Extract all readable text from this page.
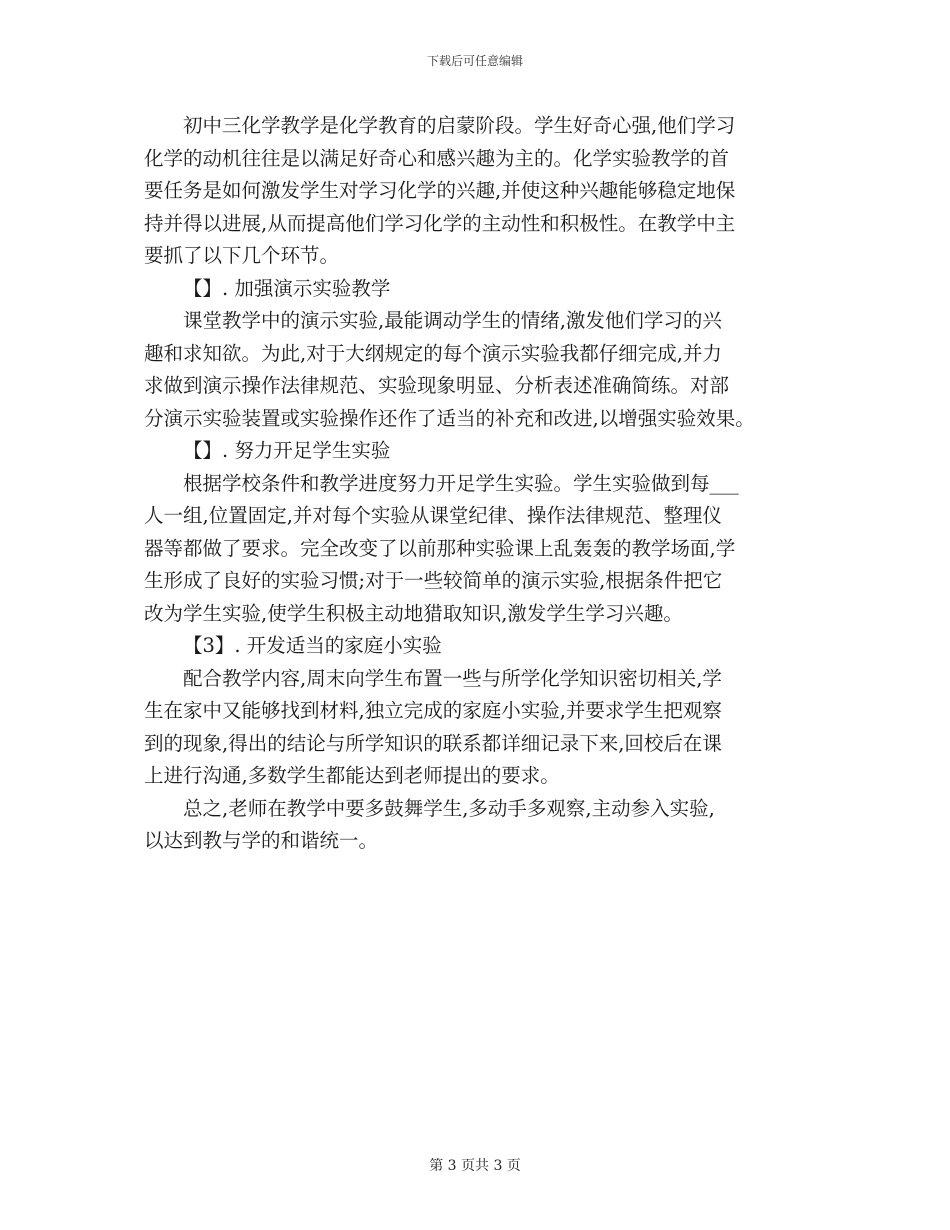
下载后可任意编辑
初中三化学教学是化学教育的启蒙阶段。学生好奇心强,他们学习
化学的动机往往是以满足好奇心和感兴趣为主的。化学实验教学的首
要任务是如何激发学生对学习化学的兴趣,并使这种兴趣能够稳定地保
持并得以进展,从而提高他们学习化学的主动性和积极性。在教学中主
要抓了以下几个环节。
【】. 加强演示实验教学
课堂教学中的演示实验,最能调动学生的情绪,激发他们学习的兴
趣和求知欲。为此,对于大纲规定的每个演示实验我都仔细完成,并力
求做到演示操作法律规范、实验现象明显、分析表述准确简练。对部
分演示实验装置或实验操作还作了适当的补充和改进,以增强实验效果。
【】. 努力开足学生实验
根据学校条件和教学进度努力开足学生实验。学生实验做到每___
人一组,位置固定,并对每个实验从课堂纪律、操作法律规范、整理仪
器等都做了要求。完全改变了以前那种实验课上乱轰轰的教学场面,学
生形成了良好的实验习惯;对于一些较简单的演示实验,根据条件把它
改为学生实验,使学生积极主动地猎取知识,激发学生学习兴趣。
【3】. 开发适当的家庭小实验
配合教学内容,周末向学生布置一些与所学化学知识密切相关,学
生在家中又能够找到材料,独立完成的家庭小实验,并要求学生把观察
到的现象,得出的结论与所学知识的联系都详细记录下来,回校后在课
上进行沟通,多数学生都能达到老师提出的要求。
总之,老师在教学中要多鼓舞学生,多动手多观察,主动参入实验,
以达到教与学的和谐统一。
第 3 页共 3 页
